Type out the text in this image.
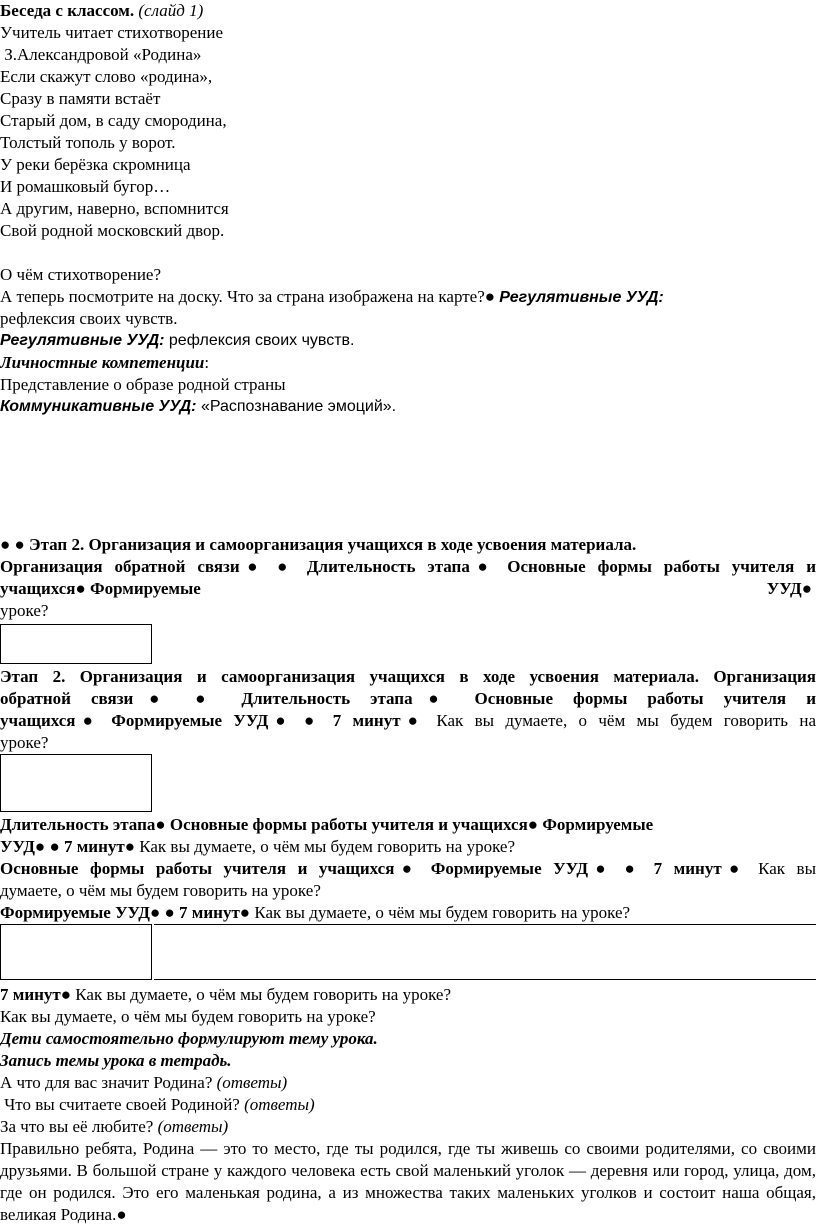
Беседа с классом. (слайд 1)
Учитель читает стихотворение
З.Александровой «Родина»
Если скажут слово «родина»,
Сразу в памяти встаёт
Старый дом, в саду смородина,
Толстый тополь у ворот.
У реки берёзка скромница
И ромашковый бугор…
А другим, наверно, вспомнится
Свой родной московский двор.
О чём стихотворение?
А теперь посмотрите на доску. Что за страна изображена на карте?● Регулятивные УУД:
рефлексия своих чувств.
Регулятивные УУД: рефлексия своих чувств.
Личностные компетенции:
Представление о образе родной страны
Коммуникативные УУД: «Распознавание эмоций».
● ● Этап 2. Организация и самоорганизация учащихся в ходе усвоения материала.
Организация обратной связи● ● Длительность этапа● Основные формы работы учителя и
учащихся● Формируемые	УУД●
уроке?
Этап 2. Организация и самоорганизация учащихся в ходе усвоения материала. Организация
обратной связи● ● Длительность этапа● Основные формы работы учителя и
учащихся● Формируемые УУД● ● 7 минут● Как вы думаете, о чём мы будем говорить на
уроке?
Длительность этапа● Основные формы работы учителя и учащихся● Формируемые
УУД● ● 7 минут● Как вы думаете, о чём мы будем говорить на уроке?
Основные формы работы учителя и учащихся● Формируемые УУД● ● 7 минут● Как вы
думаете, о чём мы будем говорить на уроке?
Формируемые УУД● ● 7 минут● Как вы думаете, о чём мы будем говорить на уроке?
7 минут● Как вы думаете, о чём мы будем говорить на уроке?
Как вы думаете, о чём мы будем говорить на уроке?
Дети самостоятельно формулируют тему урока.
Запись темы урока в тетрадь.
А что для вас значит Родина? (ответы)
Что вы считаете своей Родиной? (ответы)
За что вы её любите? (ответы)
Правильно ребята, Родина — это то место, где ты родился, где ты живешь со своими родителями, со своими друзьями. В большой стране у каждого человека есть свой маленький уголок — деревня или город, улица, дом, где он родился. Это его маленькая родина, а из множества таких маленьких уголков и состоит наша общая, великая Родина.●
